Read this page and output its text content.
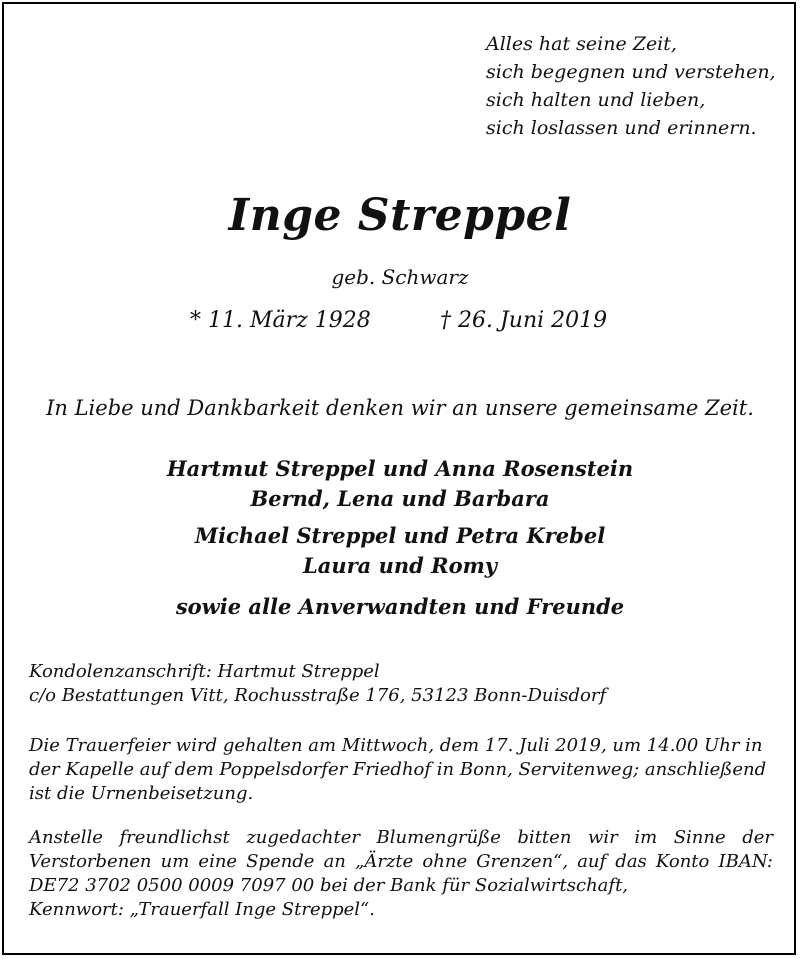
Alles hat seine Zeit,
sich begegnen und verstehen,
sich halten und lieben,
sich loslassen und erinnern.
Inge Streppel
geb. Schwarz
* 11. März 1928	† 26. Juni 2019
In Liebe und Dankbarkeit denken wir an unsere gemeinsame Zeit.
Hartmut Streppel und Anna Rosenstein
Bernd, Lena und Barbara
Michael Streppel und Petra Krebel
Laura und Romy
sowie alle Anverwandten und Freunde
Kondolenzanschrift: Hartmut Streppel
c/o Bestattungen Vitt, Rochusstraße 176, 53123 Bonn-Duisdorf
Die Trauerfeier wird gehalten am Mittwoch, dem 17. Juli 2019, um 14.00 Uhr in der Kapelle auf dem Poppelsdorfer Friedhof in Bonn, Servitenweg; anschließend ist die Urnenbeisetzung.
Anstelle freundlichst zugedachter Blumengrüße bitten wir im Sinne der Verstorbenen um eine Spende an „Ärzte ohne Grenzen“, auf das Konto IBAN: DE72 3702 0500 0009 7097 00 bei der Bank für Sozialwirtschaft,
Kennwort: „Trauerfall Inge Streppel“.
